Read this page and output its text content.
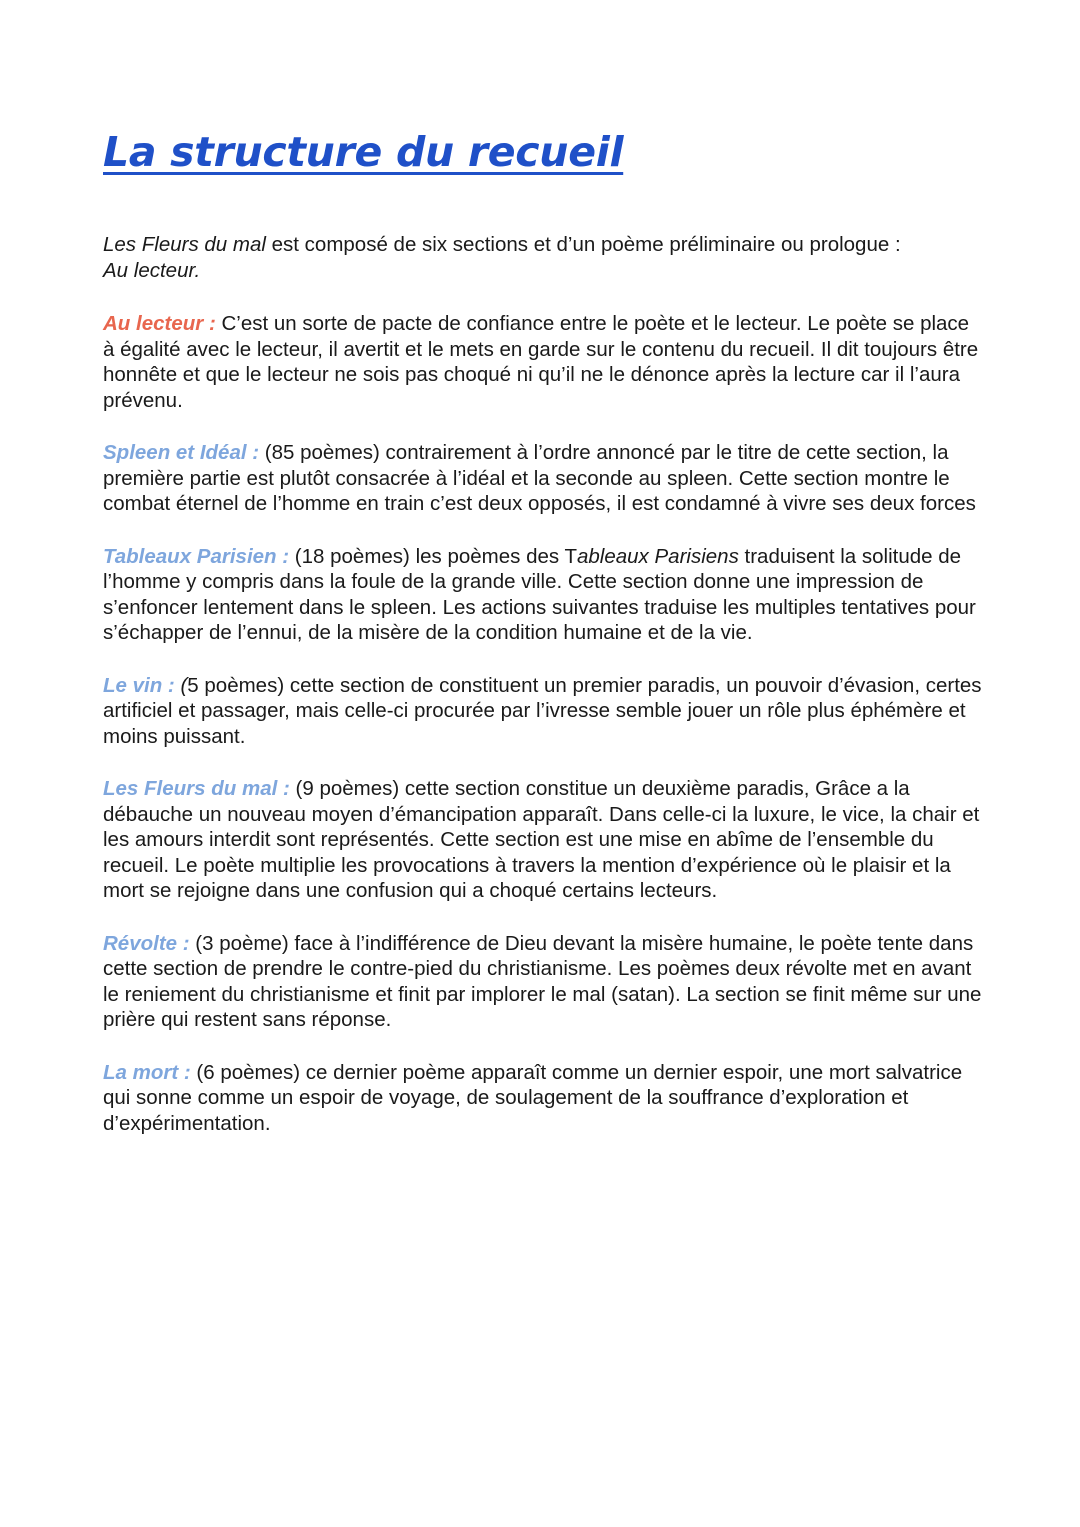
La structure du recueil

Les Fleurs du mal est composé de six sections et d’un poème préliminaire ou prologue :
Au lecteur.

Au lecteur : C’est un sorte de pacte de confiance entre le poète et le lecteur. Le poète se place à égalité avec le lecteur, il avertit et le mets en garde sur le contenu du recueil. Il dit toujours être honnête et que le lecteur ne sois pas choqué ni qu’il ne le dénonce après la lecture car il l’aura prévenu.

Spleen et Idéal : (85 poèmes) contrairement à l’ordre annoncé par le titre de cette section, la première partie est plutôt consacrée à l’idéal et la seconde au spleen. Cette section montre le combat éternel de l’homme en train c’est deux opposés, il est condamné à vivre ses deux forces

Tableaux Parisien : (18 poèmes) les poèmes des Tableaux Parisiens traduisent la solitude de l’homme y compris dans la foule de la grande ville. Cette section donne une impression de s’enfoncer lentement dans le spleen. Les actions suivantes traduise les multiples tentatives pour s’échapper de l’ennui, de la misère de la condition humaine et de la vie.

Le vin : (5 poèmes) cette section de constituent un premier paradis, un pouvoir d’évasion, certes artificiel et passager, mais celle-ci procurée par l’ivresse semble jouer un rôle plus éphémère et moins puissant.

Les Fleurs du mal : (9 poèmes) cette section constitue un deuxième paradis, Grâce a la débauche un nouveau moyen d’émancipation apparaît. Dans celle-ci la luxure, le vice, la chair et les amours interdit sont représentés. Cette section est une mise en abîme de l’ensemble du recueil. Le poète multiplie les provocations à travers la mention d’expérience où le plaisir et la mort se rejoigne dans une confusion qui a choqué certains lecteurs.

Révolte : (3 poème) face à l’indifférence de Dieu devant la misère humaine, le poète tente dans cette section de prendre le contre-pied du christianisme. Les poèmes deux révolte met en avant le reniement du christianisme et finit par implorer le mal (satan). La section se finit même sur une prière qui restent sans réponse.

La mort : (6 poèmes) ce dernier poème apparaît comme un dernier espoir, une mort salvatrice qui sonne comme un espoir de voyage, de soulagement de la souffrance d’exploration et d’expérimentation.
